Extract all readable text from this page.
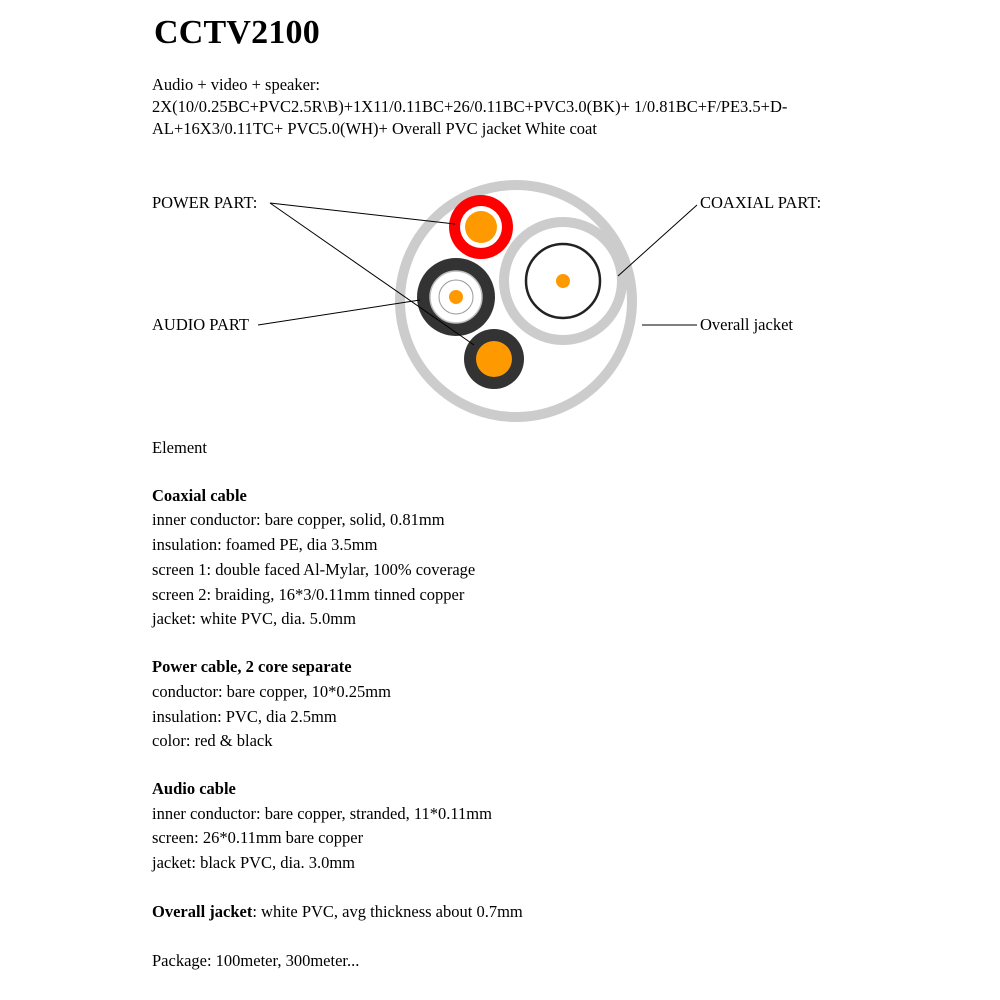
CCTV2100
Audio + video + speaker:
2X(10/0.25BC+PVC2.5R\B)+1X11/0.11BC+26/0.11BC+PVC3.0(BK)+ 1/0.81BC+F/PE3.5+D-
AL+16X3/0.11TC+ PVC5.0(WH)+ Overall PVC jacket White coat
POWER PART:	COAXIAL PART:
AUDIO PART	Overall jacket
Element
Coaxial cable
inner conductor: bare copper, solid, 0.81mm
insulation: foamed PE, dia 3.5mm
screen 1: double faced Al-Mylar, 100% coverage
screen 2: braiding, 16*3/0.11mm tinned copper
jacket: white PVC, dia. 5.0mm
Power cable, 2 core separate
conductor: bare copper, 10*0.25mm
insulation: PVC, dia 2.5mm
color: red & black
Audio cable
inner conductor: bare copper, stranded, 11*0.11mm
screen: 26*0.11mm bare copper
jacket: black PVC, dia. 3.0mm
Overall jacket: white PVC, avg thickness about 0.7mm
Package: 100meter, 300meter...
